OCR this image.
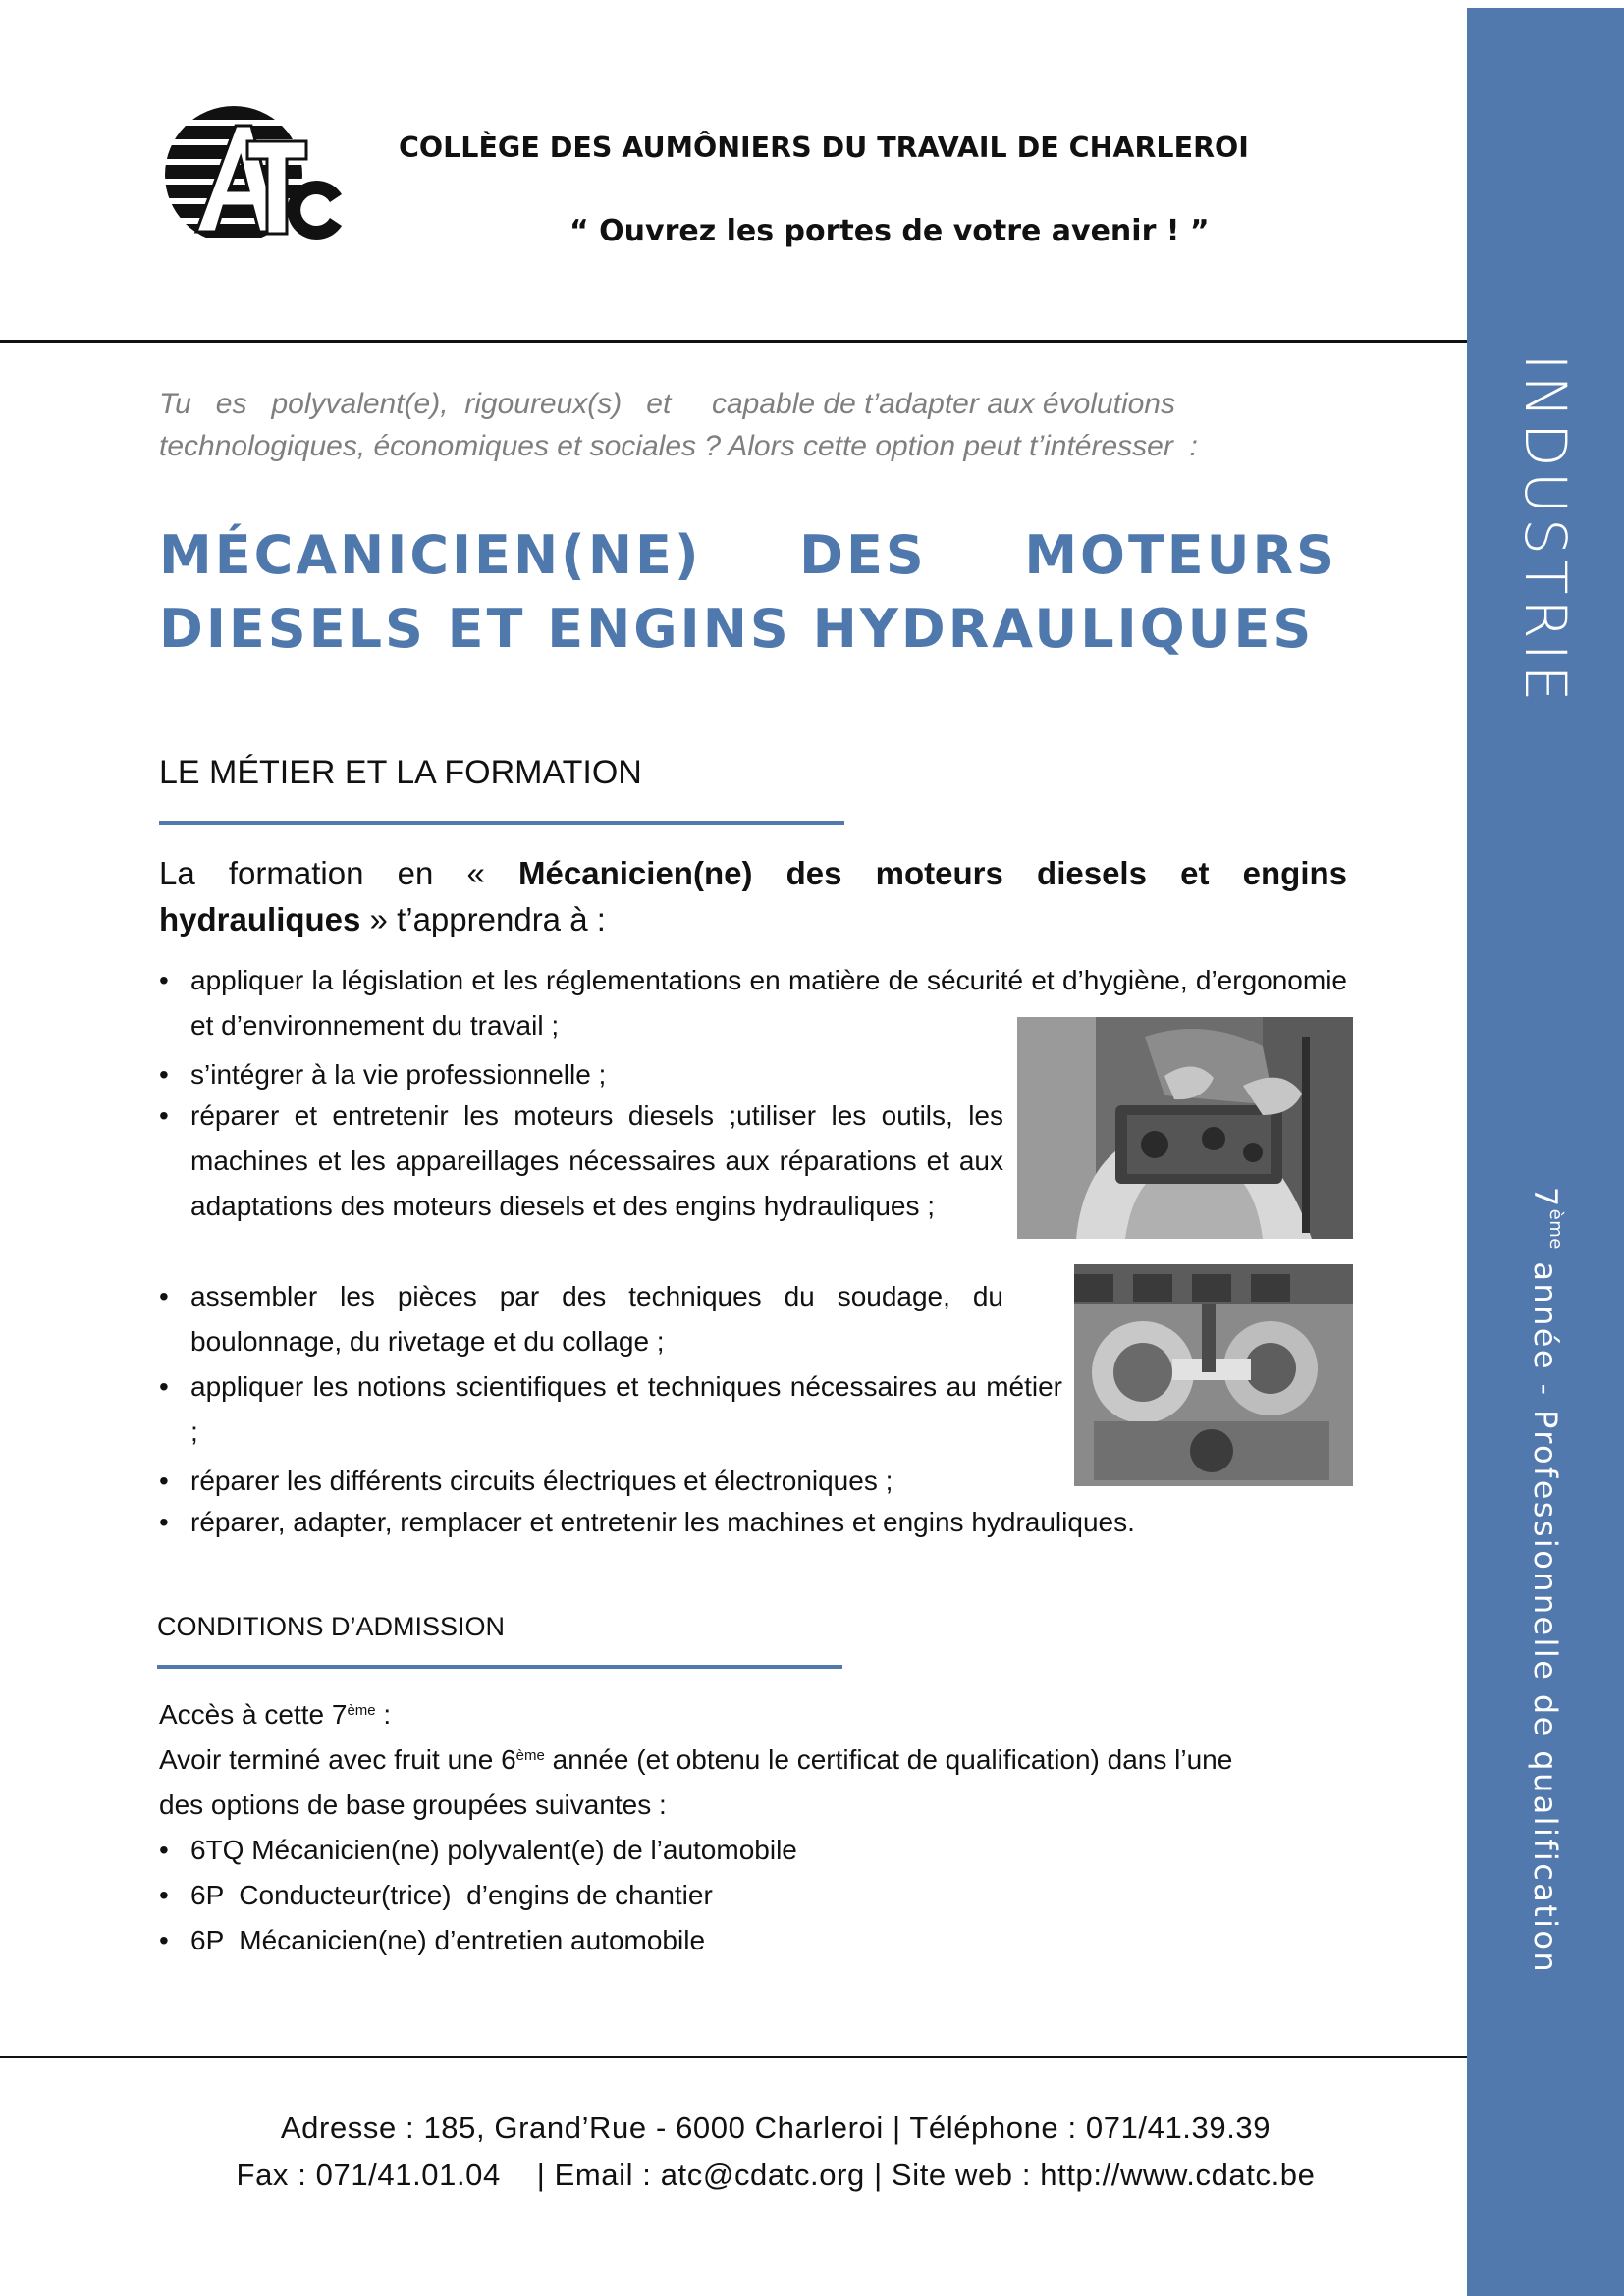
INDUSTRIE
7ème année - Professionnelle de qualification
COLLÈGE DES AUMÔNIERS DU TRAVAIL DE CHARLEROI
“ Ouvrez les portes de votre avenir ! ”
Tu   es   polyvalent(e),  rigoureux(s)   et     capable de t’adapter aux évolutions
technologiques, économiques et sociales ? Alors cette option peut t’intéresser  :
MÉCANICIEN(NE) DES MOTEURS
DIESELS ET ENGINS HYDRAULIQUES
LE MÉTIER ET LA FORMATION
La formation en « Mécanicien(ne) des moteurs diesels et engins
hydrauliques » t’apprendra à :
• appliquer la législation et les réglementations en matière de sécurité et d’hygiène, d’ergonomie et d’environnement du travail ;
• s’intégrer à la vie professionnelle ;
• réparer et entretenir les moteurs diesels ;utiliser les outils, les machines et les appareillages nécessaires aux réparations et aux adaptations des moteurs diesels et des engins hydrauliques ;
• assembler les pièces par des techniques du soudage, du boulonnage, du rivetage et du collage ;
• appliquer les notions scientifiques et techniques nécessaires au métier ;
• réparer les différents circuits électriques et électroniques ;
• réparer, adapter, remplacer et entretenir les machines et engins hydrauliques.
CONDITIONS D’ADMISSION
Accès à cette 7ème :
Avoir terminé avec fruit une 6ème année (et obtenu le certificat de qualification) dans l’une
des options de base groupées suivantes :
• 6TQ Mécanicien(ne) polyvalent(e) de l’automobile
• 6P  Conducteur(trice)  d’engins de chantier
• 6P  Mécanicien(ne) d’entretien automobile
Adresse : 185, Grand’Rue - 6000 Charleroi | Téléphone : 071/41.39.39
Fax : 071/41.01.04    | Email : atc@cdatc.org | Site web : http://www.cdatc.be
